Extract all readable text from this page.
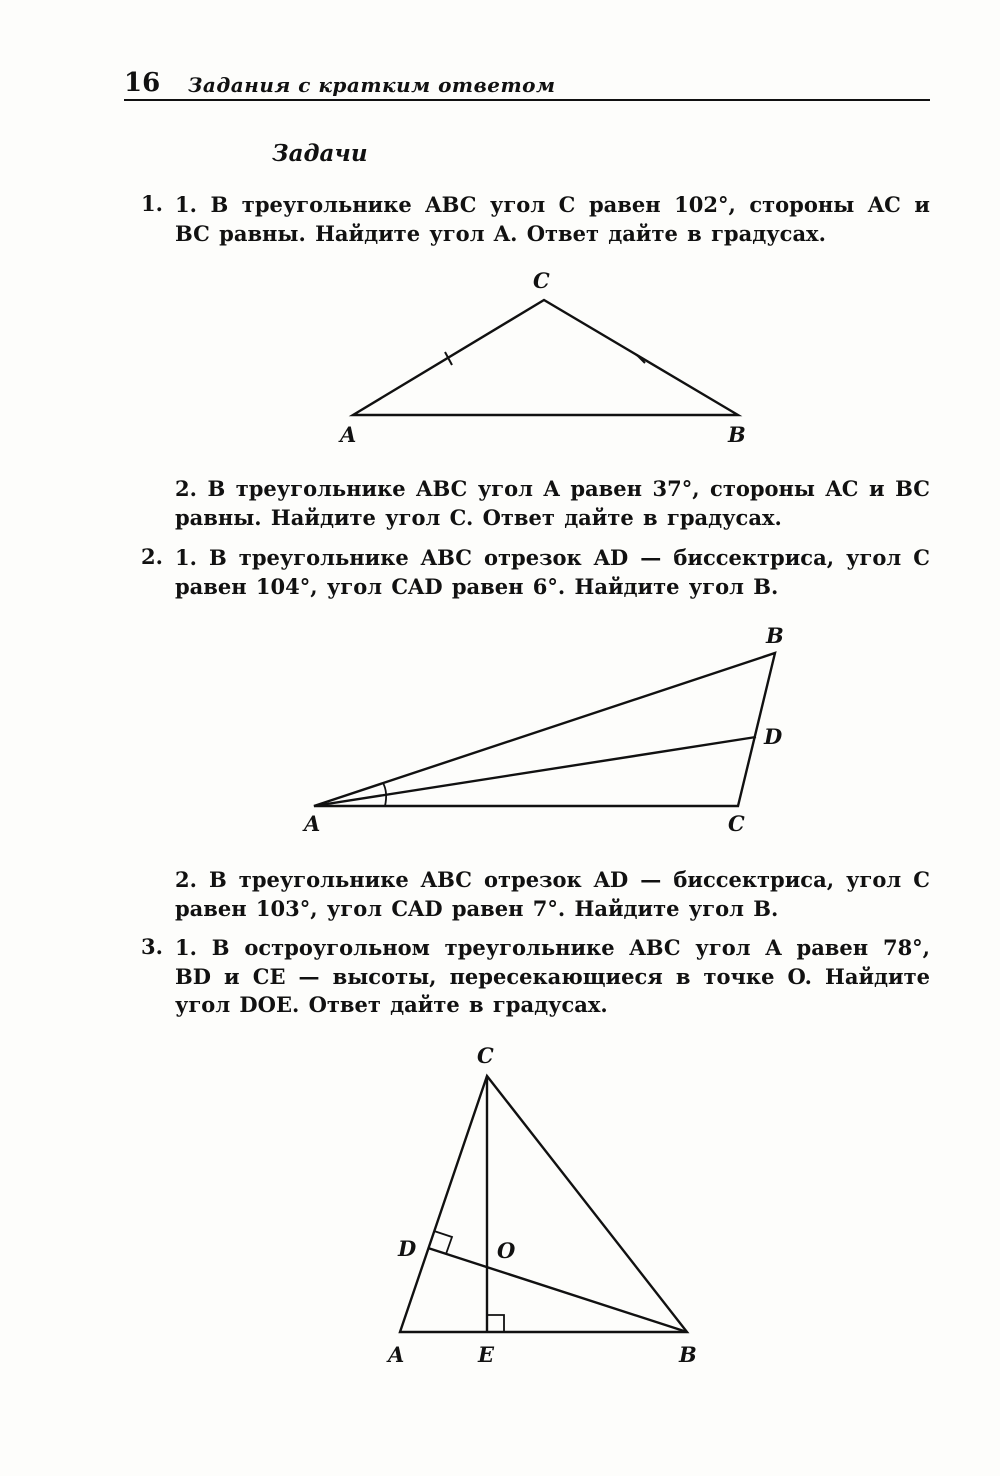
16 Задания с кратким ответом
Задачи
1. 1. В треугольнике ABC угол C равен 102°, стороны AC и BC равны. Найдите угол A. Ответ дайте в градусах.
C
A	B
2. В треугольнике ABC угол A равен 37°, стороны AC и BC равны. Найдите угол C. Ответ дайте в градусах.
2. 1. В треугольнике ABC отрезок AD — биссектриса, угол C равен 104°, угол CAD равен 6°. Найдите угол B.
B
D
A	C
2. В треугольнике ABC отрезок AD — биссектриса, угол C равен 103°, угол CAD равен 7°. Найдите угол B.
3. 1. В остроугольном треугольнике ABC угол A равен 78°, BD и CE — высоты, пересекающиеся в точке O. Найдите угол DOE. Ответ дайте в градусах.
C
D	O
A	E	B
